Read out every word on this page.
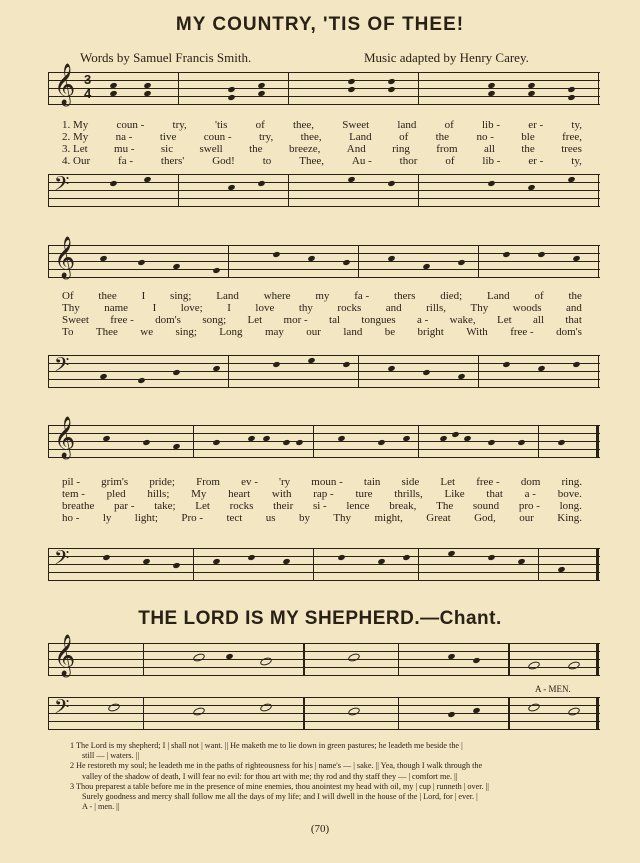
MY COUNTRY, 'TIS OF THEE!
Words by Samuel Francis Smith.	Music adapted by Henry Carey.
𝄞 3
4
1. My	coun -	try,	'tis	of	thee,	Sweet	land	of	lib -	er -	ty,
2. My na - tive coun - try, thee, Land of the no - ble free,
3. Let mu - sic swell the breeze, And ring from all the trees
4. Our	fa -	thers'	God!	to	Thee,	Au -	thor	of	lib -	er -	ty,
𝄢
𝄞
Of thee I sing; Land where my fa - thers died; Land of the
Thy name I love; I love thy rocks and rills, Thy woods and
Sweet free - dom's song; Let mor - tal tongues a - wake, Let all that
To Thee we sing; Long may our land be bright With free - dom's
𝄢
𝄞
pil - grim's pride; From ev - 'ry moun - tain side Let free - dom ring.
tem - pled hills; My heart with rap - ture thrills, Like that a - bove.
breathe par - take; Let rocks their si - lence break, The sound pro - long.
ho - ly light; Pro - tect us by Thy might, Great God, our King.
𝄢
THE LORD IS MY SHEPHERD.—Chant.
𝄞
A - MEN.
𝄢
1 The Lord is my shepherd; I | shall not | want. || He maketh me to lie down in green pastures; he leadeth me beside the |
still — | waters. ||
2 He restoreth my soul; he leadeth me in the paths of righteousness for his | name's — | sake. || Yea, though I walk through the
valley of the shadow of death, I will fear no evil: for thou art with me; thy rod and thy staff they — | comfort me. ||
3 Thou preparest a table before me in the presence of mine enemies, thou anointest my head with oil, my | cup | runneth | over. ||
Surely goodness and mercy shall follow me all the days of my life; and I will dwell in the house of the | Lord, for | ever. |
A - | men. ||
(70)
